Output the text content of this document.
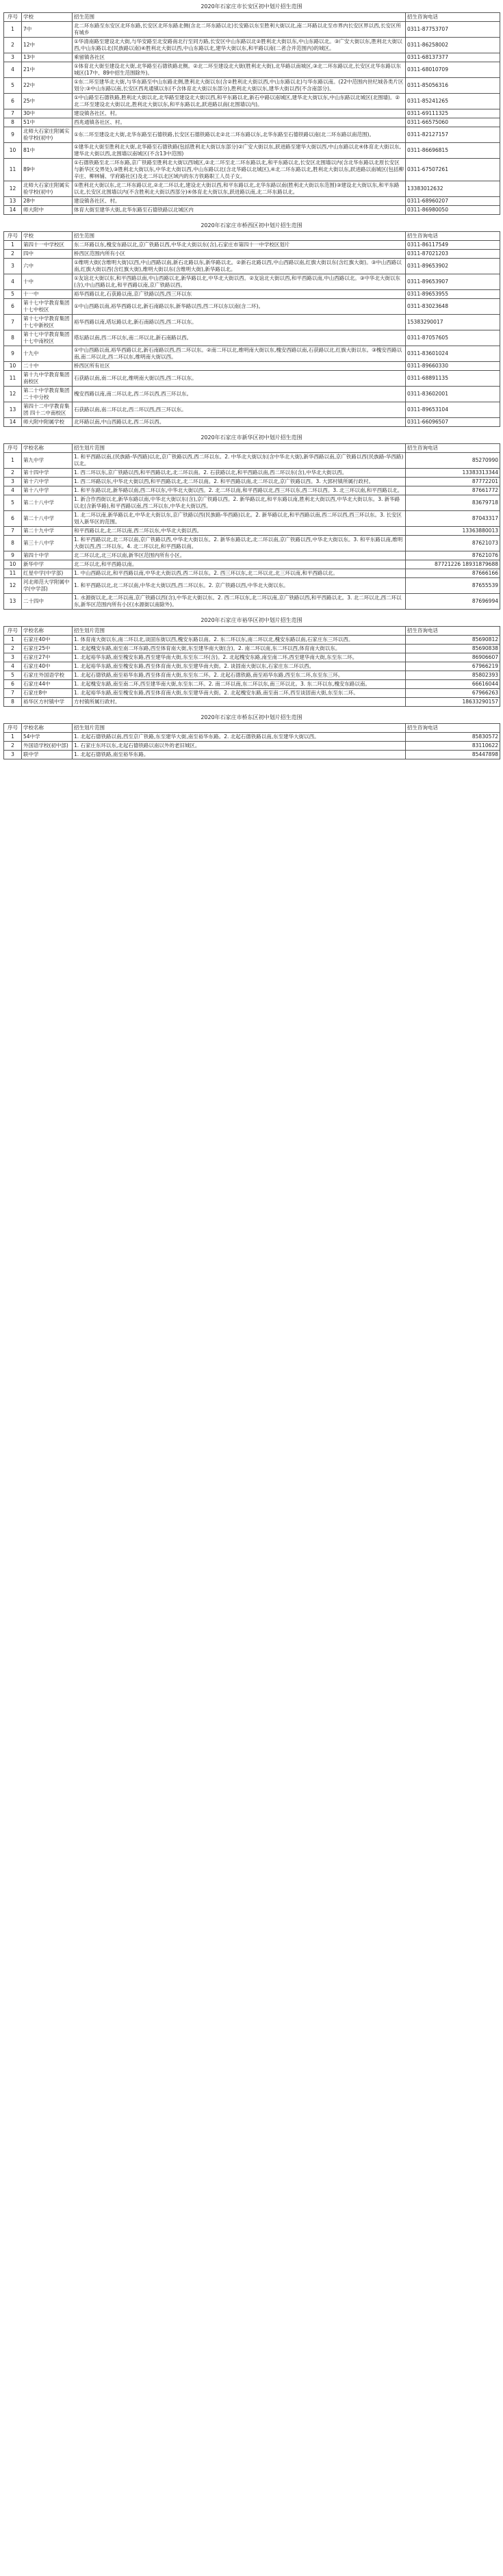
2020年石家庄市长安区初中划片招生范围
序号	学校	招生范围	招生咨询电话
1	7中	北二环东路至东安区北环东路,长安区北环东路北侧(含北二环东路以北)长安路以东至胜利大街以北,南二环路以北至市界内长安区界以西,长安区所有城乡	0311-87753707
2	12中	①华清南路至建设北大街,与华安路至北安路南北行至同方路,长安区中山东路以北②胜利北大街以东,中山东路以北。③广安大街以东,胜利北大街以西,中山东路以北(民族路以南)④胜利北大街以西,中山东路以北,建华大街以东,和平路以南(二者合并范围内)的城区。	0311-86258002
3	13中	乘留镇各社区	0311-68137377
4	21中	①体育北大街至建设北大街,北华路至石德铁路北侧。②北二环至建设北大街(胜利北大街),北华路以南城区,③北二环东路以北,长安区北华东路以东城区(17中、89中招生范围除外)。	0311-68010709
5	22中	①东二环至建华北大街,与华东路至中山东路北侧,胜利北大街以东(含②胜利北大街以西,中山东路以北)与华东路以南。(22中范围内世纪城各类片区划分:③中山东路以南,长安区西兆通镇以东(不含体育北大街以东部分),胜利北大街以东,建华大街以西(不含南部分)。	0311-85056316
6	25中	①中山路至石德铁路,胜利北大街以北,北华路至建设北大街以西,和平东路以北,新石中路以南城区,建华北大街以东,中山东路以北城区(北围墙)。②北二环至建设北大街以北,胜利北大街以东,和平东路以北,跃进路以南(北围墙以内)。	0311-85241265
7	30中	建设镇各社区、村。	0311-69111325
8	51中	西兆通镇各社区、村。	0311-66575060
9	北师大石家庄附属实验学校(初中)	①东二环至建设北大街,北华东路至石德铁路,长安区石德铁路以北②北二环东路以东,北华东路至石德铁路以南(北二环东路以南范围)。	0311-82127157
10	81中	①建华北大街至胜利北大街,北华路至石德铁路(包括胜利北大街以东部分)②广安大街以东,跃进路至建华大街以西,中山东路以北④体育北大街以东,建华北大街以西,北围墙以南城区(不含13中范围)	0311-86696815
11	89中	①石德铁路至北二环东路,京广铁路至胜利北大街以西城区,②北二环至北二环东路以北,和平东路以北,长安区北围墙以内(含北华东路以北原长安区与新华区交界处),③胜利北大街以东,中华北大街以西,中山东路以北(含北华路以北城区),④北二环东路以北,胜利北大街以东,跃进路以南城区(包括柳辛庄、柳林铺、学府路社区)及北二环以北区域内的东方铁路职工人员子女。	0311-67507261
12	北师大石家庄附属实验学校(初中)	①胜利北大街以东,北二环东路以北,②北二环以北,建设北大街以西,和平东路以北,北华东路以南(胜利北大街以东范围)③建设北大街以东,和平东路以北,长安区北围墙以内(不含胜利北大街以西部分)④体育北大街以东,跃进路以南,北二环东路以北。	13383012632
13	28中	建设镇各社区、村。	0311-68960207
14	师大附中	体育大街至建华大街,北华东路至石德铁路以北城区内	0311-86980050
2020年石家庄市桥西区初中划片招生范围
序号	学校	招生范围	招生咨询电话
1	第四十一中学校区	东二环路以东,槐安东路以北,京广铁路以西,中华北大街以东(含),石家庄市第四十一中学校区划片	0311-86117549
2	四中	桥西区范围内所有小区	0311-87021203
3	六中	①维明大街(含维明大街)以西,中山西路以南,新石北路以东,新华路以北。②新石北路以西,中山西路以南,红旗大街以东(含红旗大街)。③中山西路以南,红旗大街以西(含红旗大街),维明大街以东(含维明大街),新华路以北。	0311-89653902
4	十中	①友谊北大街以东,和平西路以南,中山西路以北,新华路以北,中华北大街以西。②友谊北大街以西,和平西路以南,中山西路以北。③中华北大街以东(含),中山西路以北,和平西路以南,京广铁路以西。	0311-89653907
5	十一中	裕华西路以北,石获路以南,京广铁路以西,西三环以东	0311-89653955
6	第十七中学教育集团 十七中校区	①中山西路以南,裕华西路以北,新石南路以东,新华路以西,西二环以东以南(含二环)。	0311-83023648
7	第十七中学教育集团 十七中新校区	裕华西路以南,塔坛路以北,新石南路以西,西二环以东。	15383290017
8	第十七中学教育集团 十七中南校区	塔坛路以南,西二环以东,南二环以北,新石南路以西。	0311-87057605
9	十九中	①中山西路以南,裕华西路以北,新石南路以西,西二环以东。②南二环以北,维明南大街以东,槐安西路以南,石获路以北,红旗大街以东。③槐安西路以南,南二环以北,西二环以东,维明南大街以西。	0311-83601024
10	二十中	桥西区所有社区	0311-89660330
11	第十九中学教育集团南校区	石获路以南,南二环以北,维明南大街以西,西二环以东。	0311-68891135
12	第二十中学教育集团 二十中分校	槐安西路以南,南二环以北,西二环以西,西三环以东。	0311-83602001
13	第四十二中学教育集团 四十二中南校区	石获路以南,南二环以北,西二环以西,西三环以东。	0311-89653104
14	师大附中附属学校	北环路以南,中山西路以北,西二环以西。	0311-66096507
2020年石家庄市新华区初中划片招生范围
序号	学校名称	招生划片范围	招生咨询电话
1	第九中学	1. 和平西路以南,(民族路-华西路)以北,京广铁路以西,西二环以东。2. 中华北大街以东(含中华北大街),新华西路以南,京广铁路以西(民族路-华西路)以北。	85270990
2	第十四中学	1. 西二环以东,京广铁路以西,和平西路以北,北二环以南。2. 石获路以北,和平西路以南,西二环以东(含),中华北大街以西。	13383313344
3	第十六中学	1. 西二环路以东,中华北大街以西,和平西路以北,北二环以南。2. 和平西路以南,北二环以北,京广铁路以西。3. 大郭村镇所属行政村。	87772201
4	第十八中学	1. 和平东路以北,新华路以南,西二环以东,中华北大街以西。2. 北二环以南,和平西路以北,西三环以东,西二环以西。3. 北三环以南,和平西路以北。	87661772
5	第二十八中学	1. 新合作西街以北,新华东路以南,中华北大街以东(含),京广铁路以西。2. 新华路以北,和平东路以南,胜利北大街以西,中华北大街以东。3. 新华路以北(含新华路),和平西路以南,西二环以东,中华北大街以西。	83679718
6	第二十八中学	1. 北二环以南,新华路以北,中华北大街以东,京广铁路以西(民族路-华西路)以北。2. 新华路以北,和平西路以南,西二环以西,西三环以东。3. 长安区划入新华区的范围。	87043317
7	第二十九中学	和平西路以北,北二环以南,西二环以东,中华北大街以西。	13363880013
8	第三十八中学	1. 和平西路以北,北二环以南,京广铁路以西,中华北大街以东。2. 新华东路以北,北二环以南,京广铁路以西,中华北大街以东。3. 和平东路以南,维明大街以西,西二环以东。4. 北二环以北,和平西路以南。	87621073
9	第四十中学	北二环以北,北三环以南,新华区范围内所有小区。	87621076
10	新华中学	北二环以北,和平西路以南。	87721226 18931879688
11	红星中学(中学部)	1. 中山西路以北,和平西路以南,中华北大街以西,西二环以东。2. 西三环以东,北二环以北,北三环以南,和平西路以北。	87666166
12	河北师范大学附属中学(中学部)	1. 和平西路以北,北二环以南,中华北大街以西,西二环以东。2. 京广铁路以西,中华北大街以东。	87655539
13	二十四中	1. 水源街以北,北二环以南,京广铁路以西(含),中华北大街以东。2. 西二环以东,北二环以南,京广铁路以西,和平西路以北。3. 北二环以北,西二环以东,新华区范围内所有小区(水源街以南除外)。	87696994
2020年石家庄市裕华区初中划片招生范围
序号	学校名称	招生划片范围	招生咨询电话
1	石家庄40中	1. 体育南大街以东,南二环以北,谈固东街以西,槐安东路以南。2. 东二环以东,南二环以北,槐安东路以南,石家庄东三环以西。	85690812
2	石家庄25中	1. 北起槐安东路,南至南二环东路,西至体育南大街,东至建华南大街(含)。2. 南二环以南,东二环以西,体育南大街以东。	85690838
3	石家庄27中	1. 北起裕华东路,南至槐安东路,西至建华南大街,东至东二环(含)。2. 北起槐安东路,南至南二环,西至建华南大街,东至东二环。	86906607
4	石家庄40中	1. 北起裕华东路,南至槐安东路,西至体育南大街,东至建华南大街。2. 谈固南大街以东,石家庄东二环以西。	67966219
5	石家庄外国语学校	1. 北起石德铁路,南至裕华东路,西至体育南大街,东至东二环。2. 北起石德铁路,南至裕华东路,西至东二环,东至东三环。	85802393
6	石家庄44中	1. 北起槐安东路,南至南二环,西至建华南大街,东至东二环。2. 南二环以南,东二环以东,南三环以北。3. 东二环以东,槐安东路以南。	66616044
7	石家庄8中	1. 北起裕华东路,南至槐安东路,西至体育南大街,东至建华南大街。2. 北起槐安东路,南至南二环,西至谈固南大街,东至东二环。	67966263
8	裕华区方村镇中学	方村镇所属行政村。	18633290157
2020年石家庄市桥东区初中划片招生范围
序号	学校名称	招生划片范围	招生咨询电话
1	54中学	1. 北起石德铁路以南,西至京广铁路,东至建华大街,南至裕华东路。2. 北起石德铁路以南,东至建华大街以西。	85830572
2	外国语学校(初中部)	1. 石家庄东环以东,北起石德铁路以南以外的老旧城区。	83110622
3	联中学	1. 北起石德铁路,南至裕华东路。	85447898
